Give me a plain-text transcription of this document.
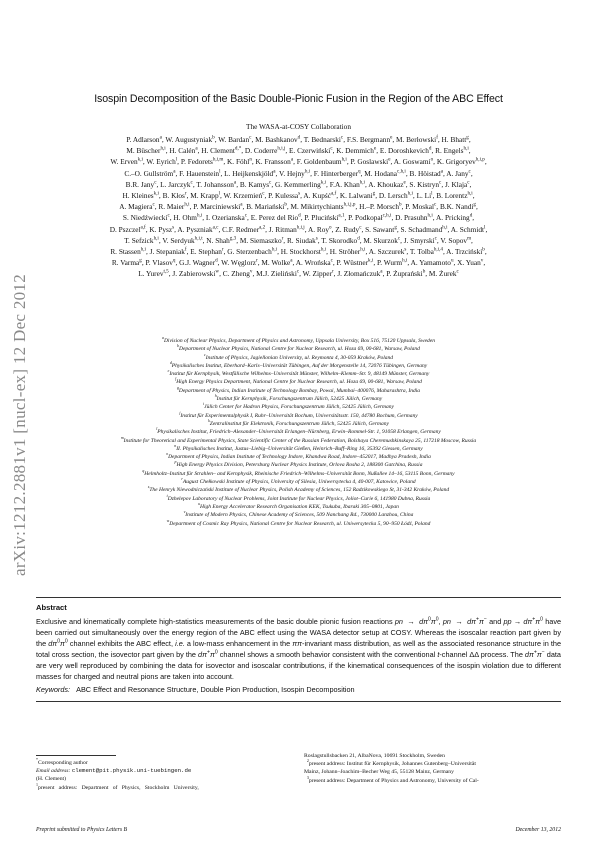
arXiv:1212.2881v1 [nucl-ex] 12 Dec 2012
Isospin Decomposition of the Basic Double-Pionic Fusion in the Region of the ABC Effect
The WASA-at-COSY Collaboration
P. Adlarson$^a$, W. Augustyniak$^b$, W. Bardan$^c$, M. Bashkanov$^d$, T. Bednarski$^c$, F.S. Bergmann$^e$, M. Berłowski$^f$, H. Bhatt$^g$,
M. Büscher$^{h,i}$, H. Calén$^a$, H. Clement$^{d,*}$, D. Coderre$^{h,i,j}$, E. Czerwiński$^c$, K. Demmich$^e$, E. Doroshkevich$^d$, R. Engels$^{h,i}$,
W. Erven$^{k,i}$, W. Eyrich$^l$, P. Fedorets$^{h,i,m}$, K. Föhl$^n$, K. Fransson$^a$, F. Goldenbaum$^{h,i}$, P. Goslawski$^e$, A. Goswami$^o$, K. Grigoryev$^{h,i,p}$,
C.–O. Gullström$^a$, F. Hauenstein$^l$, L. Heijkenskjöld$^a$, V. Hejny$^{h,i}$, F. Hinterberger$^q$, M. Hodana$^{c,h,i}$, B. Höistad$^a$, A. Jany$^c$,
B.R. Jany$^c$, L. Jarczyk$^c$, T. Johansson$^a$, B. Kamys$^c$, G. Kemmerling$^{k,i}$, F.A. Khan$^{h,i}$, A. Khoukaz$^e$, S. Kistryn$^c$, J. Klaja$^c$,
H. Kleines$^{k,i}$, B. Kłos$^r$, M. Krapp$^l$, W. Krzemień$^c$, P. Kulessa$^s$, A. Kupść$^{a,f}$, K. Lalwani$^g$, D. Lersch$^{h,i}$, L. Li$^l$, B. Lorentz$^{h,i}$,
A. Magiera$^c$, R. Maier$^{h,i}$, P. Marciniewski$^a$, B. Mariański$^b$, M. Mikirtychiants$^{h,i,j,p}$, H.–P. Morsch$^b$, P. Moskal$^c$, B.K. Nandi$^g$,
S. Niedźwiecki$^c$, H. Ohm$^{h,i}$, I. Ozerianska$^c$, E. Perez del Rio$^d$, P. Pluciński$^{a,1}$, P. Podkopał$^{c,h,i}$, D. Prasuhn$^{h,i}$, A. Pricking$^d$,
D. Pszczel$^{a,f}$, K. Pysz$^s$, A. Pyszniak$^{a,c}$, C.F. Redmer$^{a,2}$, J. Ritman$^{h,i,j}$, A. Roy$^o$, Z. Rudy$^c$, S. Sawant$^g$, S. Schadmand$^{h,i}$, A. Schmidt$^l$,
T. Sefzick$^{h,i}$, V. Serdyuk$^{h,i,t}$, N. Shah$^{g,3}$, M. Siemaszko$^r$, R. Siudak$^s$, T. Skorodko$^d$, M. Skurzok$^c$, J. Smyrski$^c$, V. Sopov$^m$,
R. Stassen$^{h,i}$, J. Stepaniak$^f$, E. Stephan$^r$, G. Sterzenbach$^{h,i}$, H. Stockhorst$^{h,i}$, H. Ströher$^{h,i}$, A. Szczurek$^s$, T. Tolba$^{h,i,4}$, A. Trzciński$^b$,
R. Varma$^g$, P. Vlasov$^q$, G.J. Wagner$^d$, W. Węglorz$^r$, M. Wolke$^a$, A. Wrońska$^c$, P. Wüstner$^{k,i}$, P. Wurm$^{h,i}$, A. Yamamoto$^u$, X. Yuan$^v$,
L. Yurev$^{t,5}$, J. Zabierowski$^w$, C. Zheng$^v$, M.J. Zieliński$^c$, W. Zipper$^r$, J. Złomańczuk$^a$, P. Żuprański$^b$, M. Żurek$^c$
$^a$Division of Nuclear Physics, Department of Physics and Astronomy, Uppsala University, Box 516, 75120 Uppsala, Sweden
$^b$Department of Nuclear Physics, National Centre for Nuclear Research, ul. Hoza 69, 00-681, Warsaw, Poland
$^c$Institute of Physics, Jagiellonian University, ul. Reymonta 4, 30-059 Kraków, Poland
$^d$Physikalisches Institut, Eberhard–Karls–Universität Tübingen, Auf der Morgenstelle 14, 72076 Tübingen, Germany
$^e$Institut für Kernphysik, Westfälische Wilhelms–Universität Münster, Wilhelm–Klemm–Str. 9, 48149 Münster, Germany
$^f$High Energy Physics Department, National Centre for Nuclear Research, ul. Hoza 69, 00-681, Warsaw, Poland
$^g$Department of Physics, Indian Institute of Technology Bombay, Powai, Mumbai–400076, Maharashtra, India
$^h$Institut für Kernphysik, Forschungszentrum Jülich, 52425 Jülich, Germany
$^i$Jülich Center for Hadron Physics, Forschungszentrum Jülich, 52425 Jülich, Germany
$^j$Institut für Experimentalphysik I, Ruhr–Universität Bochum, Universitätsstr. 150, 44780 Bochum, Germany
$^k$Zentralinstitut für Elektronik, Forschungszentrum Jülich, 52425 Jülich, Germany
$^l$Physikalisches Institut, Friedrich–Alexander–Universität Erlangen–Nürnberg, Erwin–Rommel-Str. 1, 91058 Erlangen, Germany
$^m$Institute for Theoretical and Experimental Physics, State Scientific Center of the Russian Federation, Bolshaya Cheremushkinskaya 25, 117218 Moscow, Russia
$^n$II. Physikalisches Institut, Justus–Liebig–Universität Gießen, Heinrich–Buff–Ring 16, 35392 Giessen, Germany
$^o$Department of Physics, Indian Institute of Technology Indore, Khandwa Road, Indore–452017, Madhya Pradesh, India
$^p$High Energy Physics Division, Petersburg Nuclear Physics Institute, Orlova Rosha 2, 188300 Gatchina, Russia
$^q$Helmholtz–Institut für Strahlen– and Kernphysik, Rheinische Friedrich–Wilhelms–Universität Bonn, Nußallee 14–16, 53115 Bonn, Germany
$^r$August Chełkowski Institute of Physics, University of Silesia, Uniwersytecka 4, 40-007, Katowice, Poland
$^s$The Henryk Niewodniczański Institute of Nuclear Physics, Polish Academy of Sciences, 152 Radzikowskiego St, 31-342 Kraków, Poland
$^t$Dzhelepov Laboratory of Nuclear Problems, Joint Institute for Nuclear Physics, Joliot–Curie 6, 141980 Dubna, Russia
$^u$High Energy Accelerator Research Organisation KEK, Tsukuba, Ibaraki 305–0801, Japan
$^v$Institute of Modern Physics, Chinese Academy of Sciences, 509 Nanchang Rd., 730000 Lanzhou, China
$^w$Department of Cosmic Ray Physics, National Centre for Nuclear Research, ul. Uniwersytecka 5, 90–950 Łódź, Poland
Abstract
Exclusive and kinematically complete high-statistics measurements of the basic double pionic fusion reactions pn  →  $d\pi^0\pi^0$, pn  →  dπ+π− and pp → $d\pi^+\pi^0$ have been carried out simultaneously over the energy region of the ABC effect using the WASA detector setup at COSY. Whereas the isoscalar reaction part given by the $d\pi^0\pi^0$ channel exhibits the ABC effect, i.e. a low-mass enhancement in the ππ-invariant mass distribution, as well as the associated resonance structure in the total cross section, the isovector part given by the $d\pi^+\pi^0$ channel shows a smooth behavior consistent with the conventional t-channel ΔΔ process. The dπ+π− data are very well reproduced by combining the data for isovector and isoscalar contributions, if the kinematical consequences of the isospin violation due to different masses for charged and neutral pions are taken into account.
Keywords: ABC Effect and Resonance Structure, Double Pion Production, Isospin Decomposition
*Corresponding author
Email address: clement@pit.physik.uni-tuebingen.de
(H. Clement)
$^1$present   address:   Department   of   Physics,   Stockholm   University,
Roslagstullsbacken 21, AlbaNova, 10691 Stockholm, Sweden
$^2$present address: Institut für Kernphysik, Johannes Gutenberg–Universität
Mainz, Johann–Joachim–Becher Weg 45, 55128 Mainz, Germany
$^3$present address: Department of Physics and Astronomy, University of Cal-
Preprint submitted to Physics Letters B	December 13, 2012
